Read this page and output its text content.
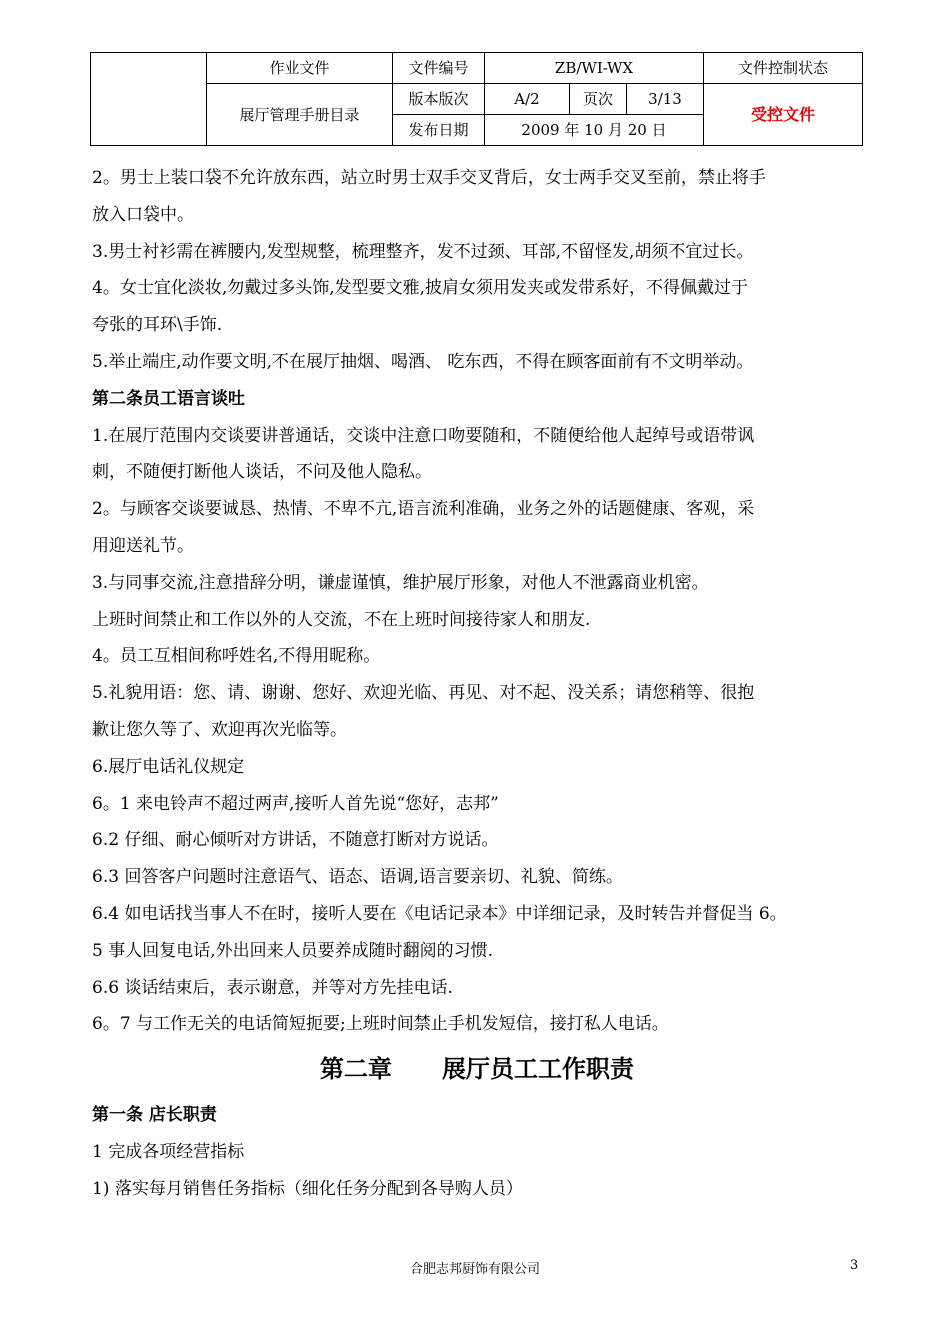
	作业文件	文件编号	ZB/WI-WX			文件控制状态
	展厅管理手册目录	版本版次	A/2	页次	3/13	受控文件
		发布日期	2009 年 10 月 20 日			
2。男士上装口袋不允许放东西，站立时男士双手交叉背后，女士两手交叉至前，禁止将手
放入口袋中。
3.男士衬衫需在裤腰内,发型规整，梳理整齐，发不过颈、耳部,不留怪发,胡须不宜过长。
4。女士宜化淡妆,勿戴过多头饰,发型要文雅,披肩女须用发夹或发带系好，不得佩戴过于
夸张的耳环\手饰.
5.举止端庄,动作要文明,不在展厅抽烟、喝酒、 吃东西，不得在顾客面前有不文明举动。
第二条员工语言谈吐
1.在展厅范围内交谈要讲普通话，交谈中注意口吻要随和，不随便给他人起绰号或语带讽
刺，不随便打断他人谈话，不问及他人隐私。
2。与顾客交谈要诚恳、热情、不卑不亢,语言流利准确，业务之外的话题健康、客观，采
用迎送礼节。
3.与同事交流,注意措辞分明，谦虚谨慎，维护展厅形象，对他人不泄露商业机密。
上班时间禁止和工作以外的人交流，不在上班时间接待家人和朋友.
4。员工互相间称呼姓名,不得用昵称。
5.礼貌用语：您、请、谢谢、您好、欢迎光临、再见、对不起、没关系；请您稍等、很抱
歉让您久等了、欢迎再次光临等。
6.展厅电话礼仪规定
6。1 来电铃声不超过两声,接听人首先说“您好，志邦”
6.2 仔细、耐心倾听对方讲话，不随意打断对方说话。
6.3 回答客户问题时注意语气、语态、语调,语言要亲切、礼貌、简练。
6.4 如电话找当事人不在时，接听人要在《电话记录本》中详细记录，及时转告并督促当 6。
5 事人回复电话,外出回来人员要养成随时翻阅的习惯.
6.6 谈话结束后，表示谢意，并等对方先挂电话.
6。7 与工作无关的电话简短扼要;上班时间禁止手机发短信，接打私人电话。
第二章      展厅员工工作职责
第一条 店长职责
1 完成各项经营指标
1) 落实每月销售任务指标（细化任务分配到各导购人员）
合肥志邦厨饰有限公司	3
